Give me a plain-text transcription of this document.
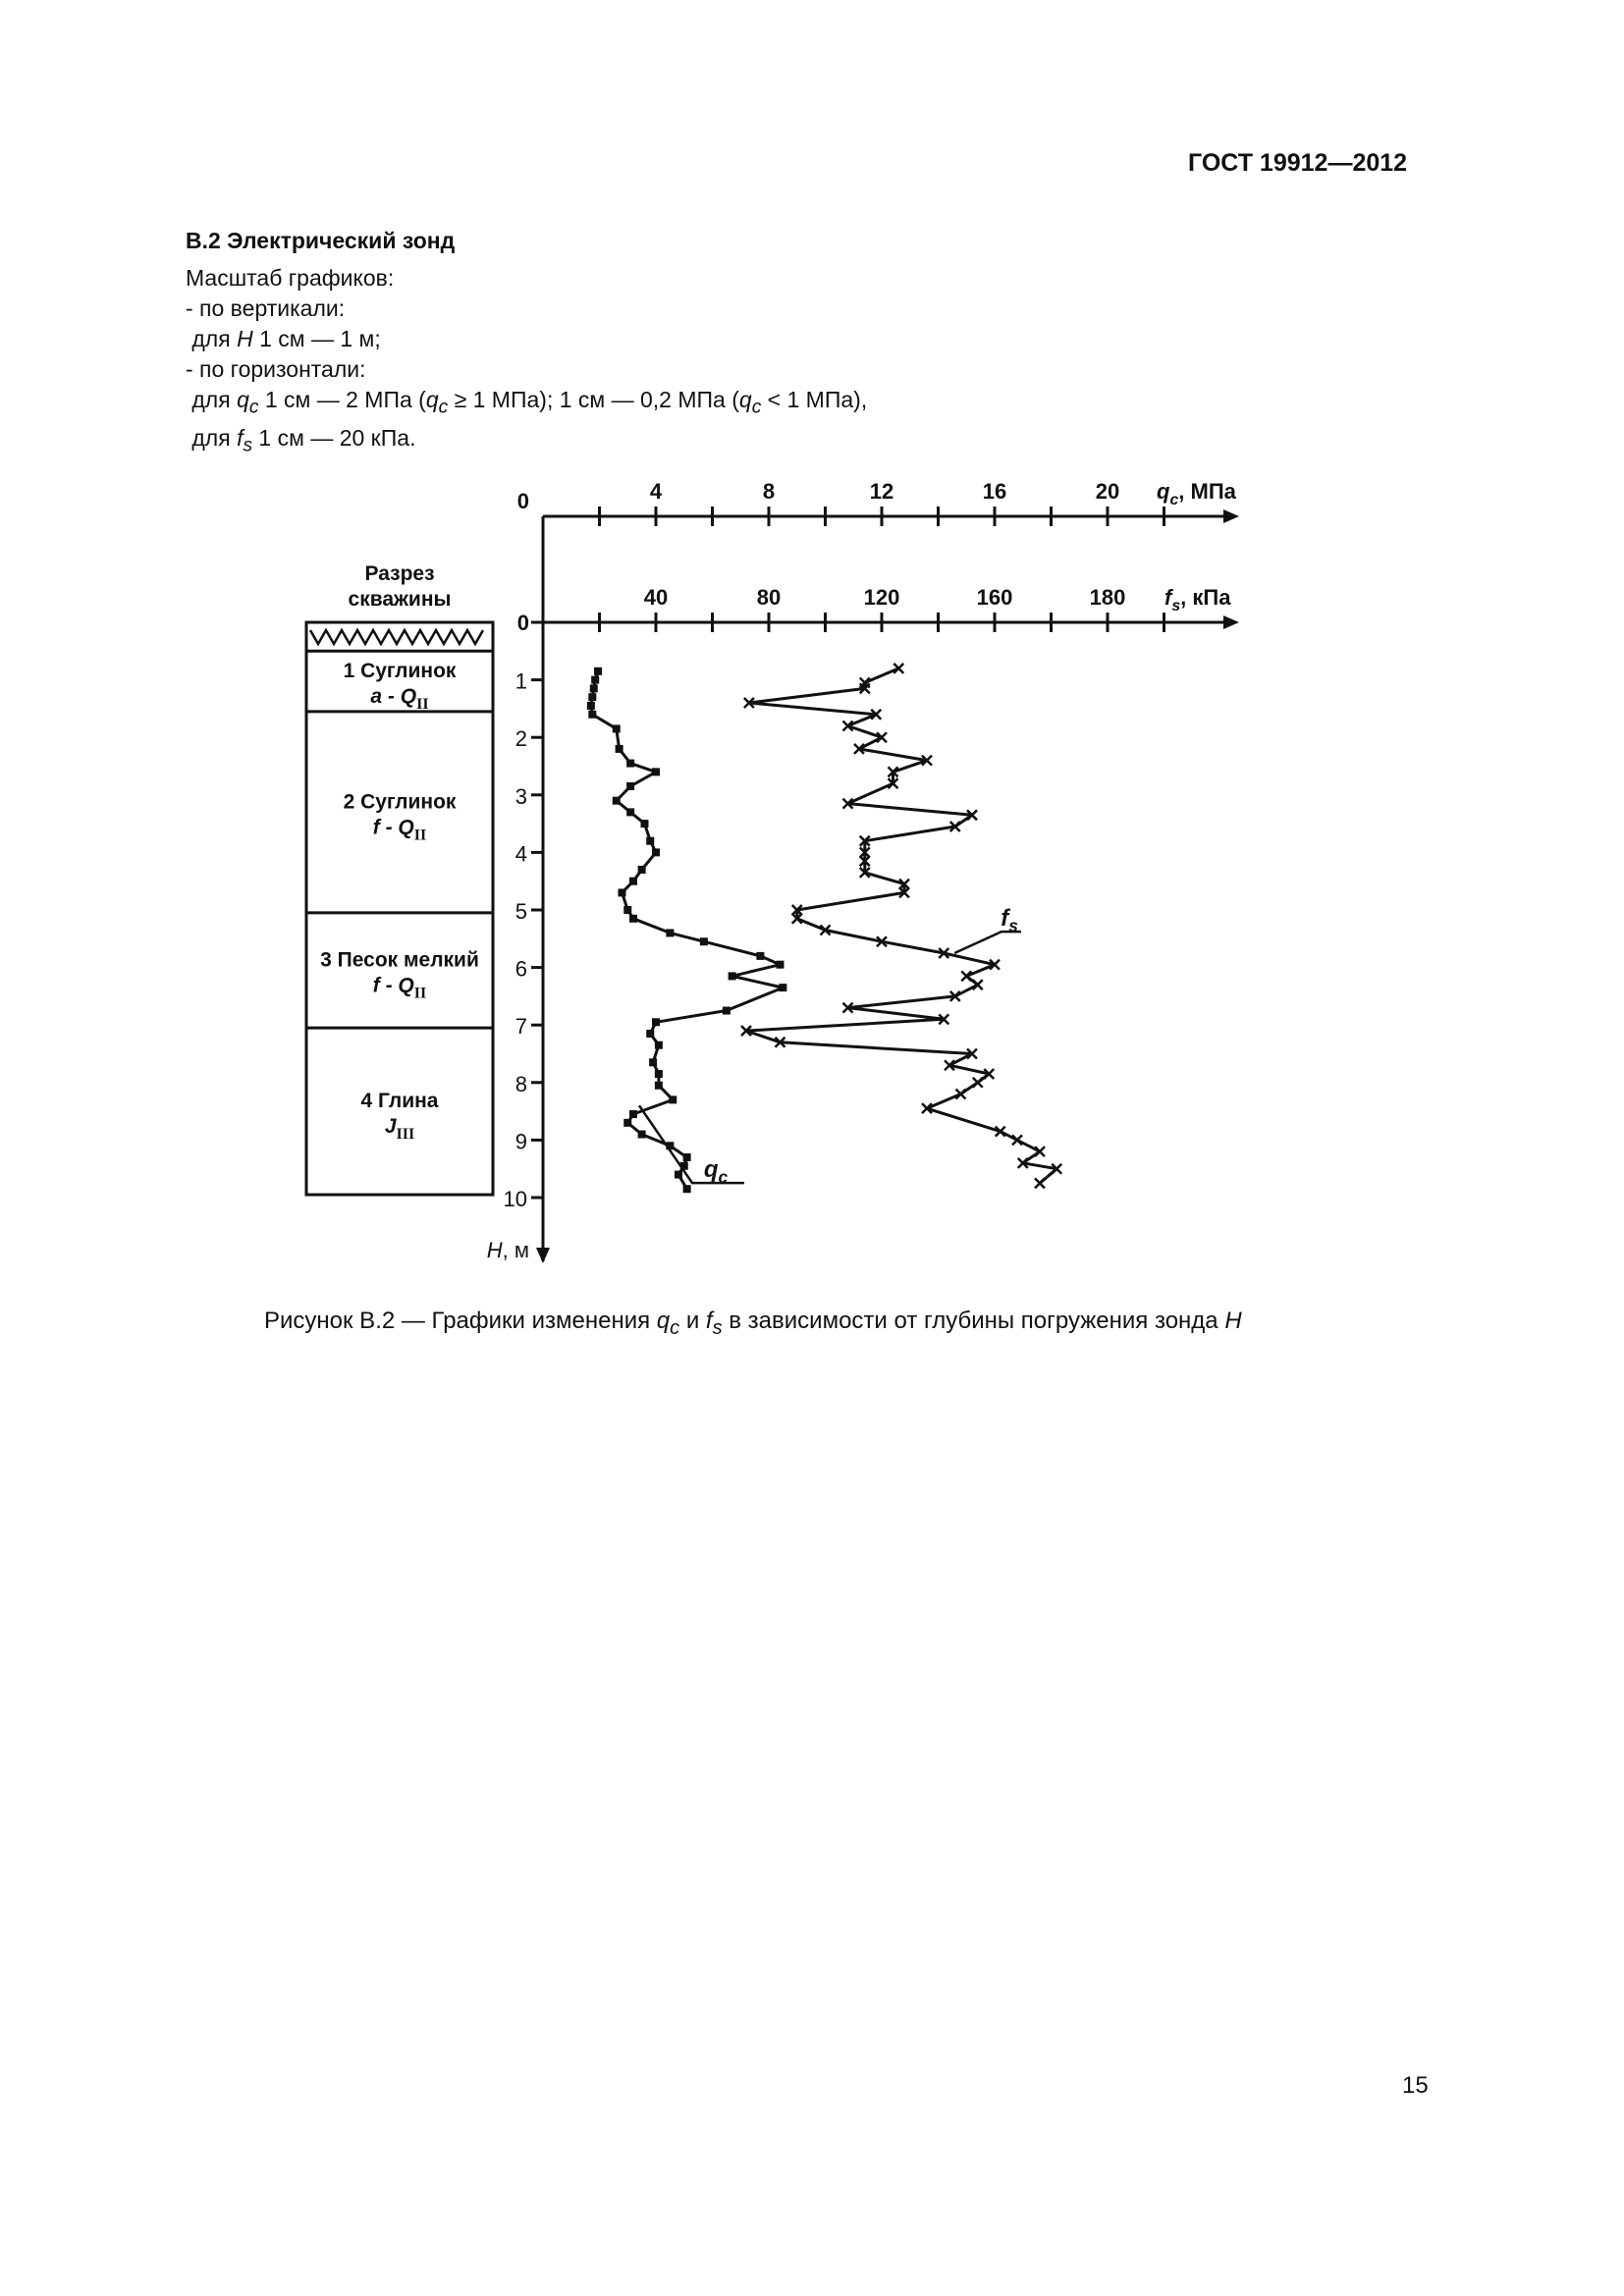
ГОСТ 19912—2012
В.2 Электрический зонд
Масштаб графиков:
- по вертикали:
для H 1 см — 1 м;
- по горизонтали:
для $q_c$ 1 см — 2 МПа ($q_c \ge 1$ МПа); 1 см — 0,2 МПа ($q_c < 1$ МПа),
для $f_s$ 1 см — 20 кПа.
1
2
3
4
5
6
7
8
9
10
H, м
4	8	12	16	20
0	$q_c$, МПа
40	80	120	160	180
0
$f_s$, кПа
Разрез
скважины
1 Суглинок
a - $Q_{II}$
2 Суглинок
f - $Q_{II}$
3 Песок мелкий
f - $Q_{II}$
4 Глина
$J_{III}$
$q_c$
$f_s$
Рисунок В.2 — Графики изменения $q_c$ и $f_s$ в зависимости от глубины погружения зонда H
15
